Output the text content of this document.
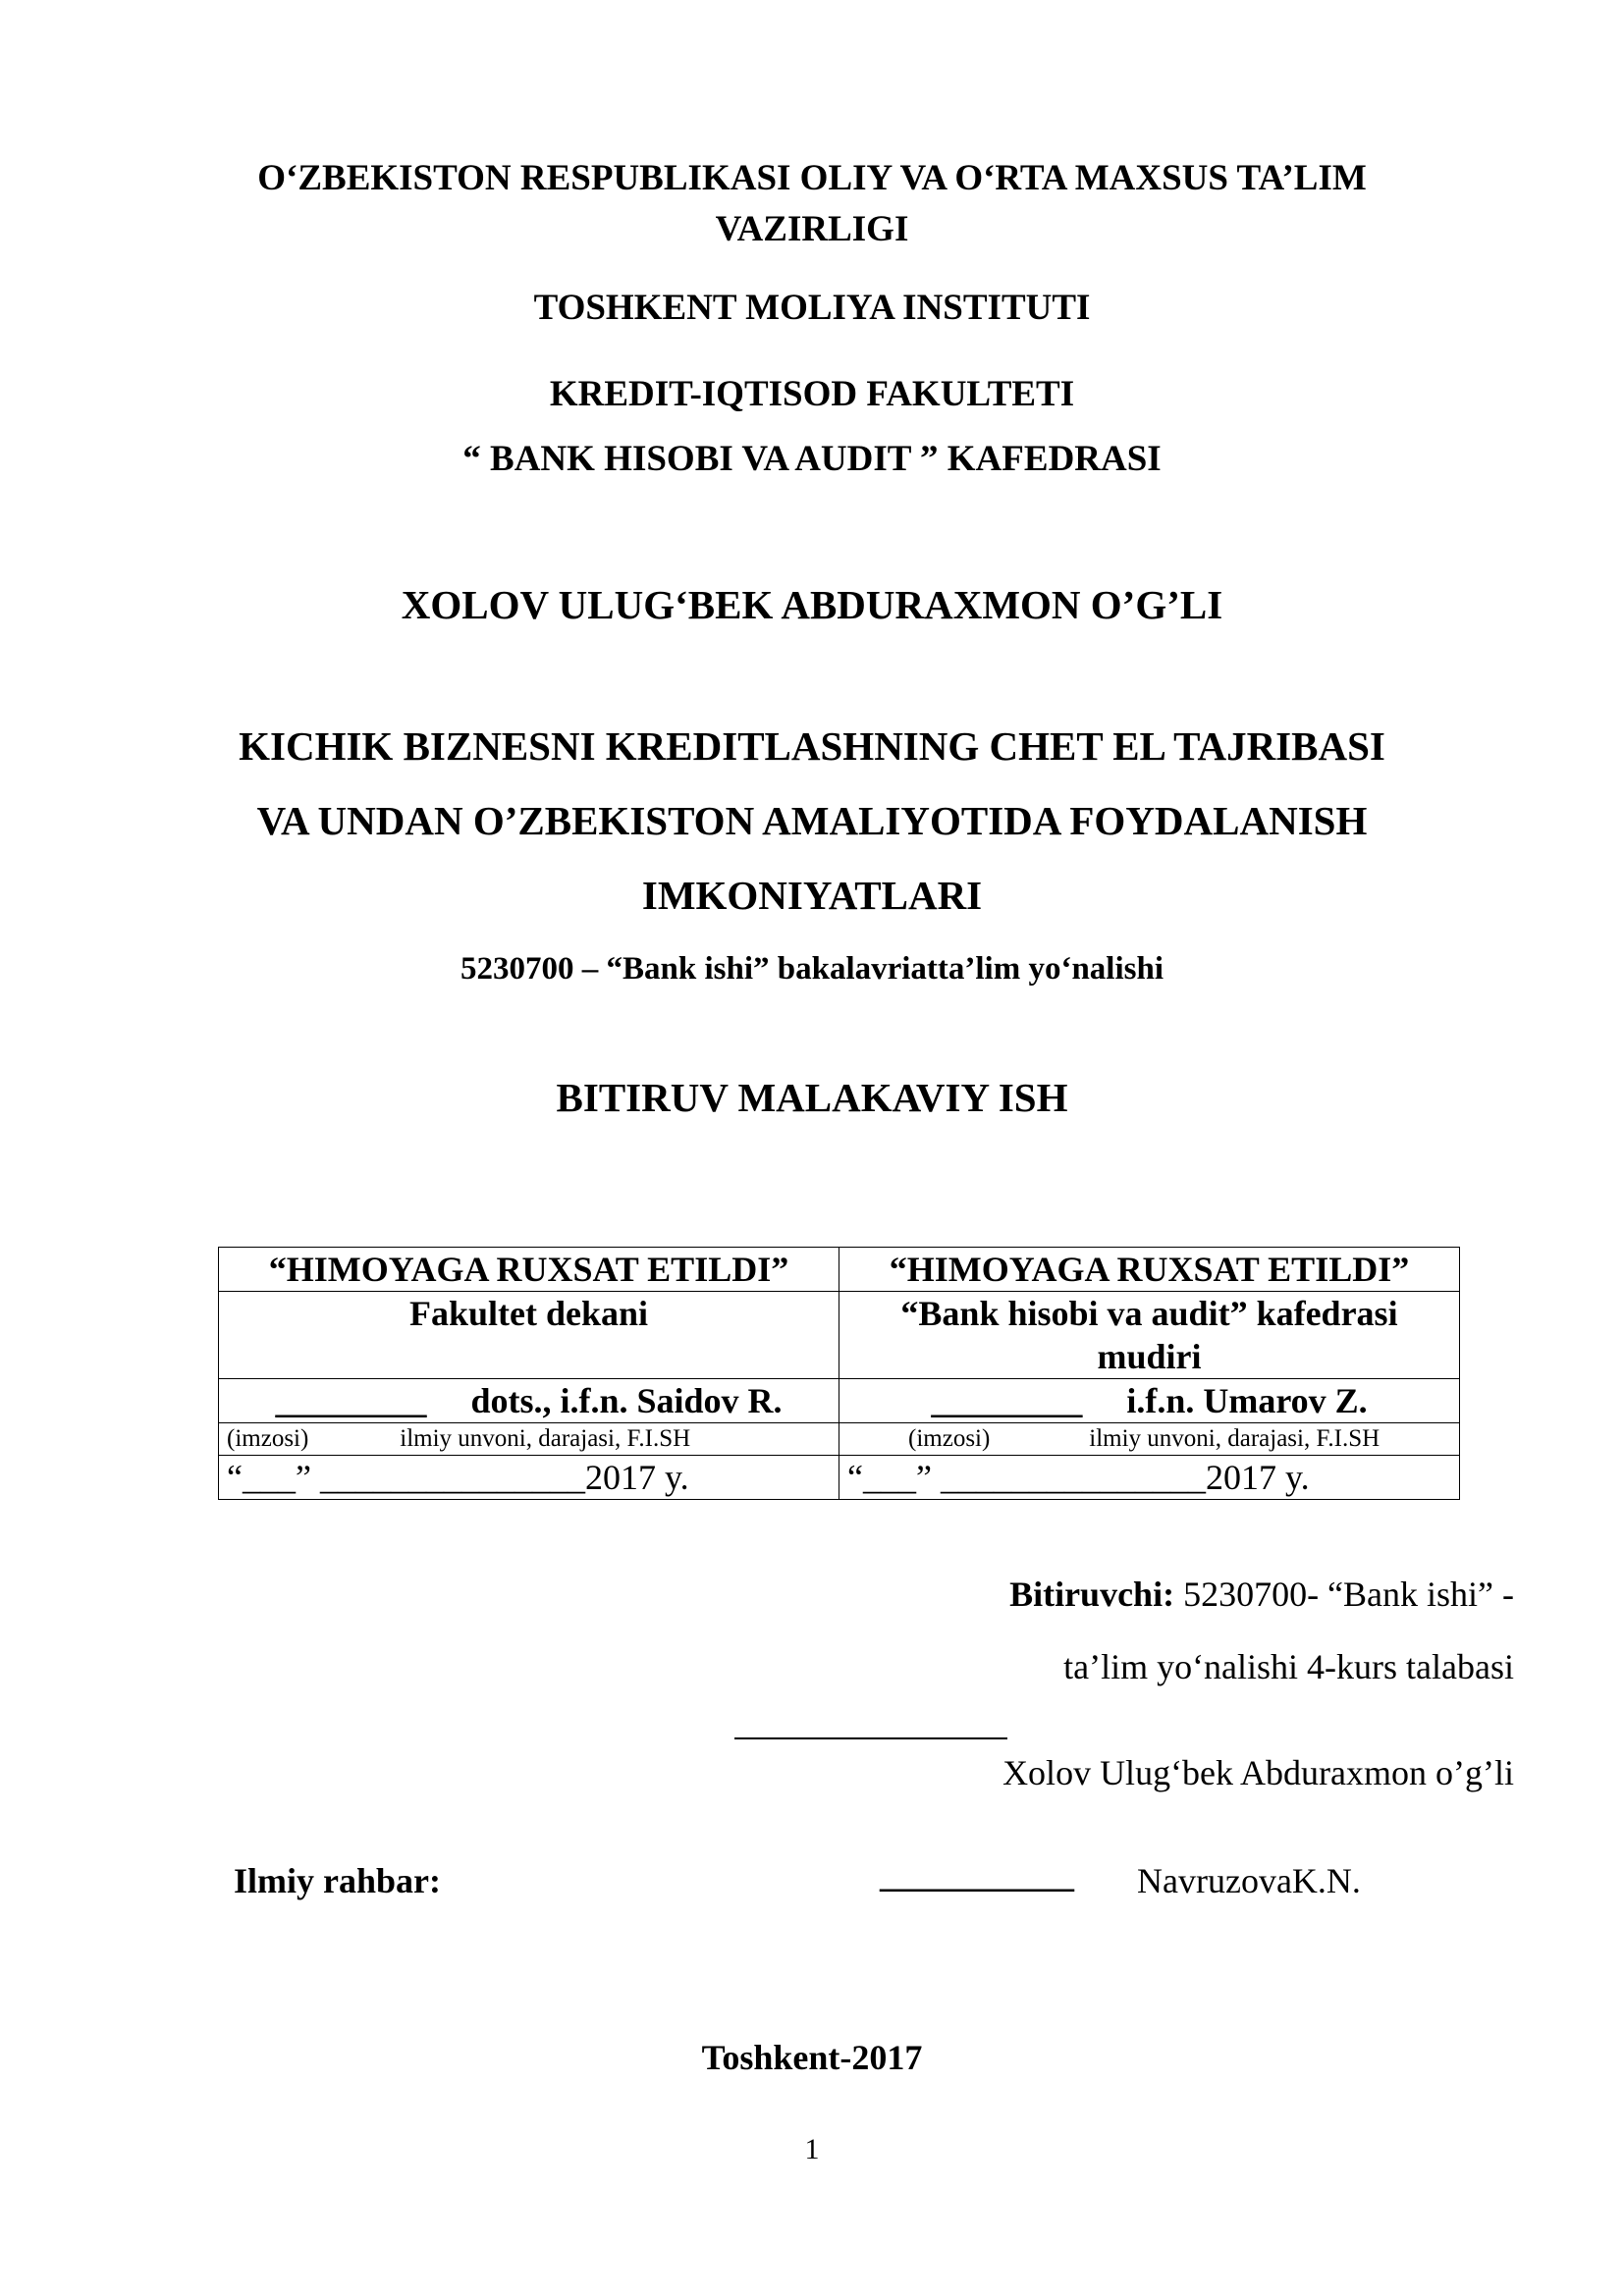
O‘ZBEKISTON RESPUBLIKASI OLIY VA O‘RTA MAXSUS TA’LIM
VAZIRLIGI
TOSHKENT MOLIYA INSTITUTI
KREDIT-IQTISOD FAKULTETI
“ BANK HISOBI VA AUDIT ” KAFEDRASI
XOLOV ULUG‘BEK ABDURAXMON O’G’LI
KICHIK BIZNESNI KREDITLASHNING CHET EL TAJRIBASI
VA UNDAN O’ZBEKISTON AMALIYOTIDA FOYDALANISH
IMKONIYATLARI
5230700 – “Bank ishi” bakalavriatta’lim yo‘nalishi
BITIRUV MALAKAVIY ISH
“HIMOYAGA RUXSAT ETILDI”	“HIMOYAGA RUXSAT ETILDI”
Fakultet dekani	“Bank hisobi va audit” kafedrasi
mudiri

_________ dots., i.f.n. Saidov R.	_________ i.f.n. Umarov Z.

(imzosi) ilmiy unvoni, darajasi, F.I.SH	(imzosi) ilmiy unvoni, darajasi, F.I.SH
“___” _______________2017 y.	“___” _______________2017 y.
Bitiruvchi: 5230700- “Bank ishi” -
ta’lim yo‘nalishi 4-kurs talabasi
Xolov Ulug‘bek Abduraxmon o’g’li
Ilmiy rahbar:	___________ NavruzovaK.N.
Toshkent-2017
1
